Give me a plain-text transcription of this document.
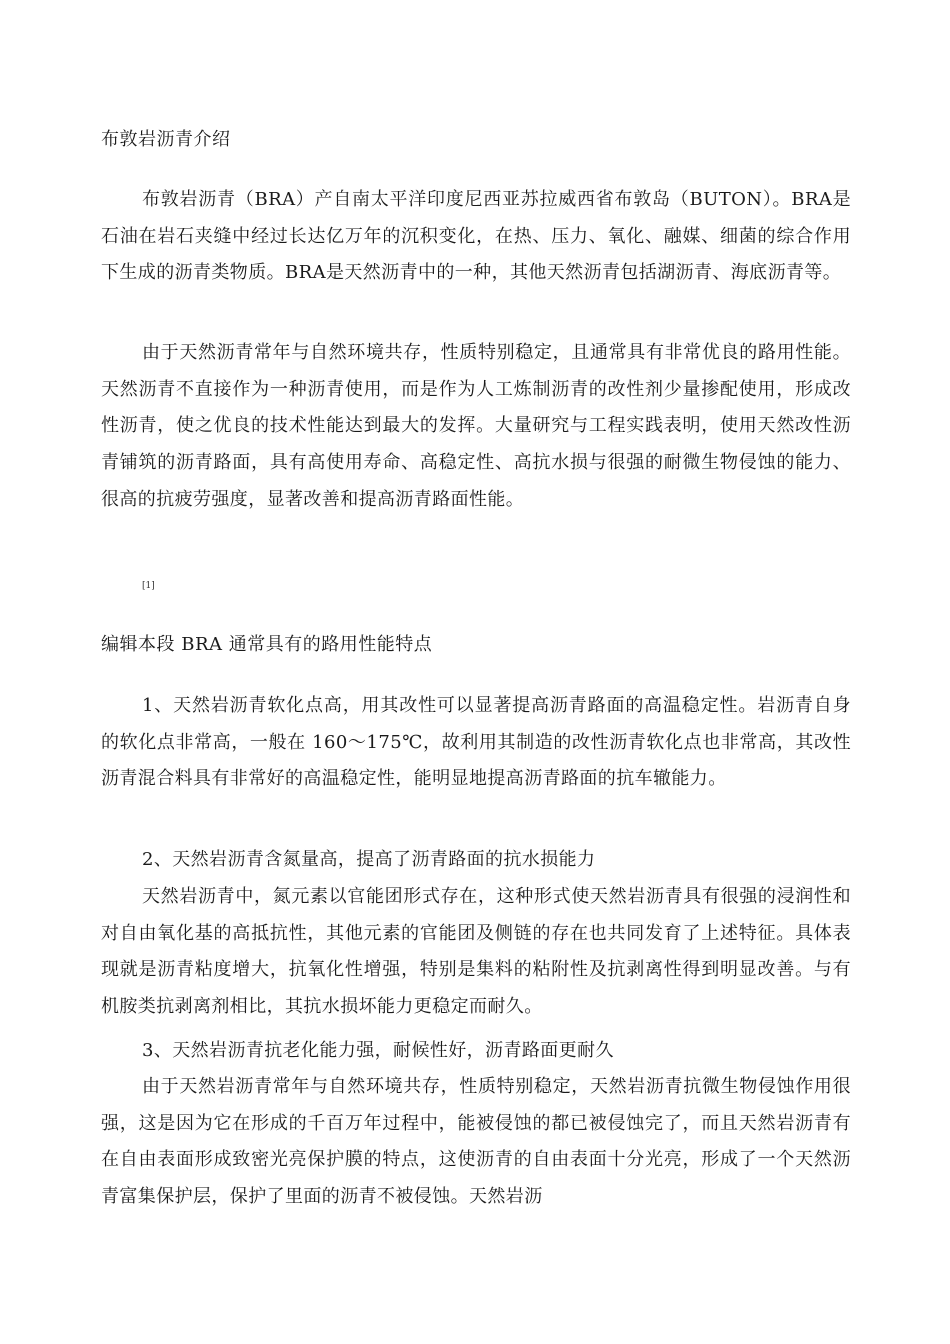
布敦岩沥青介绍

布敦岩沥青（BRA）产自南太平洋印度尼西亚苏拉威西省布敦岛（BUTON）。BRA是石油在岩石夹缝中经过长达亿万年的沉积变化，在热、压力、氧化、融媒、细菌的综合作用下生成的沥青类物质。BRA是天然沥青中的一种，其他天然沥青包括湖沥青、海底沥青等。

由于天然沥青常年与自然环境共存，性质特别稳定，且通常具有非常优良的路用性能。天然沥青不直接作为一种沥青使用，而是作为人工炼制沥青的改性剂少量掺配使用，形成改性沥青，使之优良的技术性能达到最大的发挥。大量研究与工程实践表明，使用天然改性沥青铺筑的沥青路面，具有高使用寿命、高稳定性、高抗水损与很强的耐微生物侵蚀的能力、很高的抗疲劳强度，显著改善和提高沥青路面性能。

[1]
编辑本段 BRA 通常具有的路用性能特点

1、天然岩沥青软化点高，用其改性可以显著提高沥青路面的高温稳定性。岩沥青自身的软化点非常高，一般在 160～175℃，故利用其制造的改性沥青软化点也非常高，其改性沥青混合料具有非常好的高温稳定性，能明显地提高沥青路面的抗车辙能力。

2、天然岩沥青含氮量高，提高了沥青路面的抗水损能力

天然岩沥青中，氮元素以官能团形式存在，这种形式使天然岩沥青具有很强的浸润性和对自由氧化基的高抵抗性，其他元素的官能团及侧链的存在也共同发育了上述特征。具体表现就是沥青粘度增大，抗氧化性增强，特别是集料的粘附性及抗剥离性得到明显改善。与有机胺类抗剥离剂相比，其抗水损坏能力更稳定而耐久。

3、天然岩沥青抗老化能力强，耐候性好，沥青路面更耐久

由于天然岩沥青常年与自然环境共存，性质特别稳定，天然岩沥青抗微生物侵蚀作用很强，这是因为它在形成的千百万年过程中，能被侵蚀的都已被侵蚀完了，而且天然岩沥青有在自由表面形成致密光亮保护膜的特点，这使沥青的自由表面十分光亮，形成了一个天然沥青富集保护层，保护了里面的沥青不被侵蚀。天然岩沥
